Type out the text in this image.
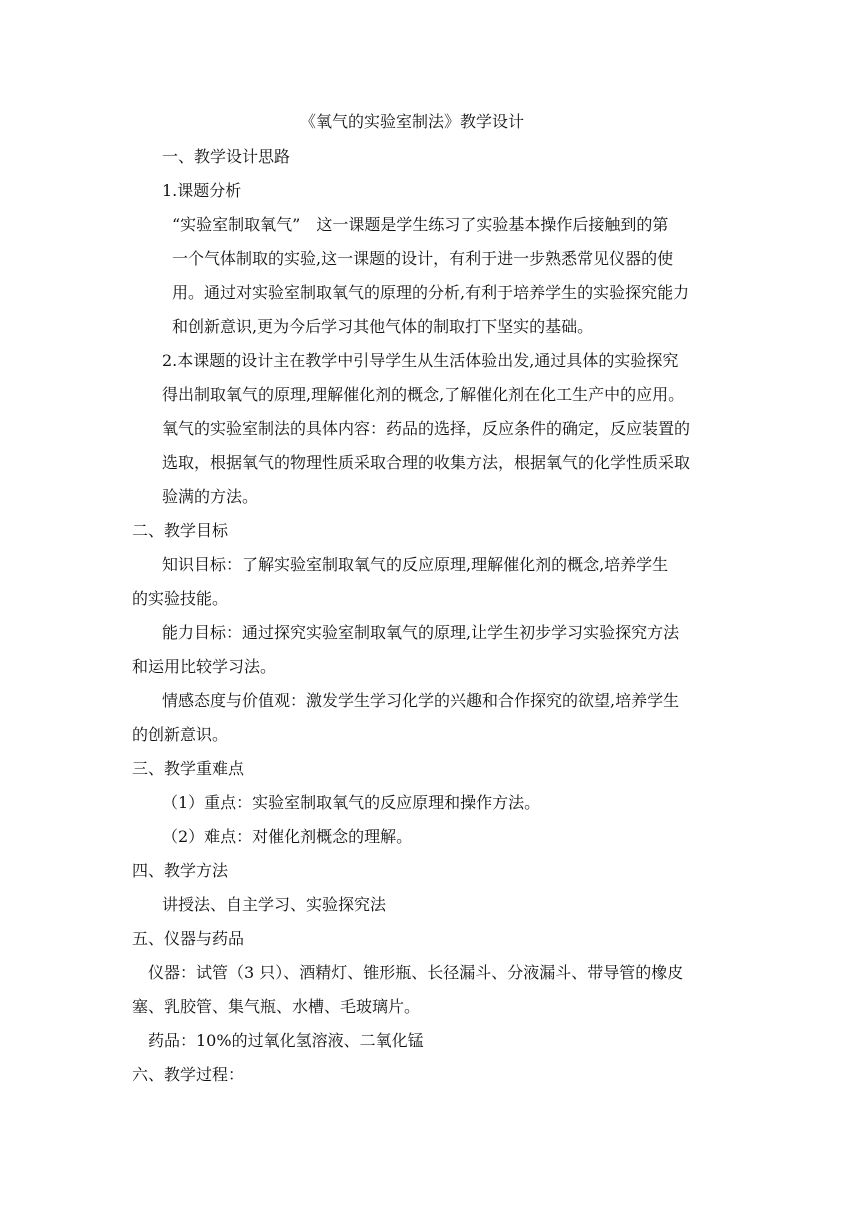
《氧气的实验室制法》教学设计

一、教学设计思路

1.课题分析

“实验室制取氧气”　这一课题是学生练习了实验基本操作后接触到的第

一个气体制取的实验,这一课题的设计，有利于进一步熟悉常见仪器的使

用。通过对实验室制取氧气的原理的分析,有利于培养学生的实验探究能力

和创新意识,更为今后学习其他气体的制取打下坚实的基础。

2.本课题的设计主在教学中引导学生从生活体验出发,通过具体的实验探究

得出制取氧气的原理,理解催化剂的概念,了解催化剂在化工生产中的应用。

氧气的实验室制法的具体内容：药品的选择，反应条件的确定，反应装置的

选取，根据氧气的物理性质采取合理的收集方法，根据氧气的化学性质采取

验满的方法。

二、教学目标

知识目标：了解实验室制取氧气的反应原理,理解催化剂的概念,培养学生

的实验技能。

能力目标：通过探究实验室制取氧气的原理,让学生初步学习实验探究方法

和运用比较学习法。

情感态度与价值观：激发学生学习化学的兴趣和合作探究的欲望,培养学生

的创新意识。

三、教学重难点

（1）重点：实验室制取氧气的反应原理和操作方法。

（2）难点：对催化剂概念的理解。

四、教学方法

讲授法、自主学习、实验探究法

五、仪器与药品

仪器：试管（3 只）、酒精灯、锥形瓶、长径漏斗、分液漏斗、带导管的橡皮

塞、乳胶管、集气瓶、水槽、毛玻璃片。

药品：10%的过氧化氢溶液、二氧化锰

六、教学过程：
